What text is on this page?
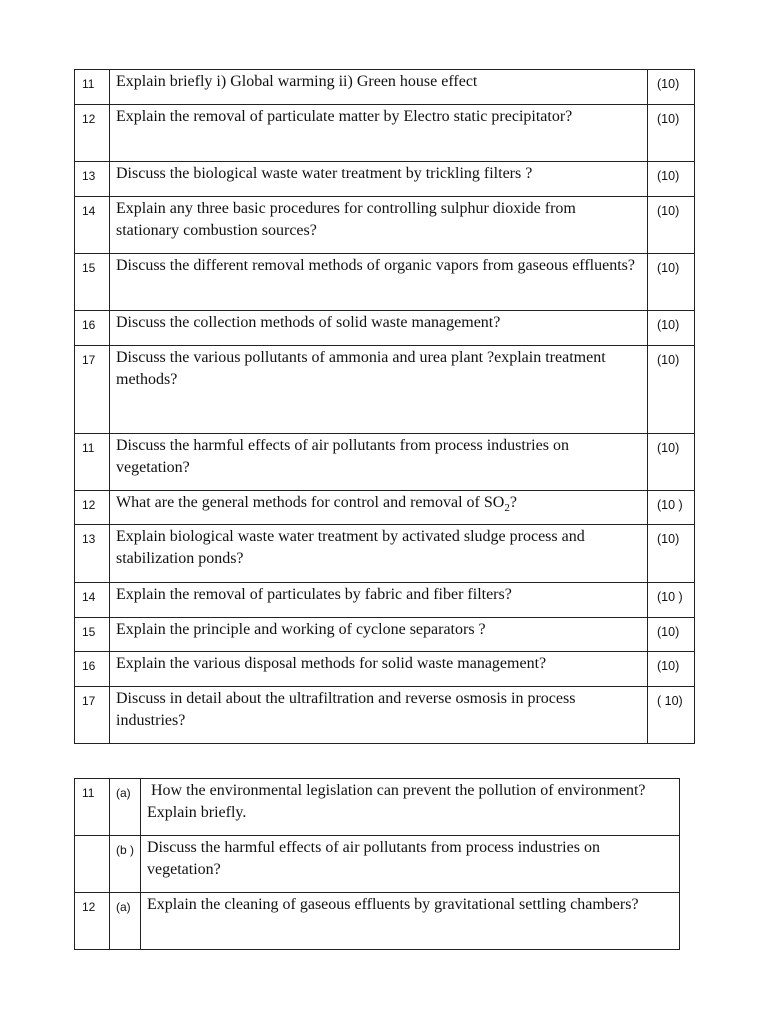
11	Explain briefly i) Global warming ii) Green house effect	(10)
12	Explain the removal of particulate matter by Electro static precipitator?	(10)
13	Discuss the biological waste water treatment by trickling filters ?	(10)
14	Explain any three basic procedures for controlling sulphur dioxide from stationary combustion sources?	(10)
15	Discuss the different removal methods of organic vapors from gaseous effluents?	(10)
16	Discuss the collection methods of solid waste management?	(10)
17	Discuss the various pollutants of ammonia and urea plant ?explain treatment methods?	(10)
11	Discuss the harmful effects of air pollutants from process industries on vegetation?	(10)
12	What are the general methods for control and removal of $SO_2$?	(10 )
13	Explain biological waste water treatment by activated sludge process and stabilization ponds?	(10)
14	Explain the removal of particulates by fabric and fiber filters?	(10 )
15	Explain the principle and working of cyclone separators ?	(10)
16	Explain the various disposal methods for solid waste management?	(10)
17	Discuss in detail about the ultrafiltration and reverse osmosis in process industries?	( 10)
11	(a)	How the environmental legislation can prevent the pollution of environment?     Explain briefly.
	(b )	Discuss the harmful effects of air pollutants from process industries on vegetation?
12	(a)	Explain the cleaning of gaseous effluents by gravitational settling chambers?
